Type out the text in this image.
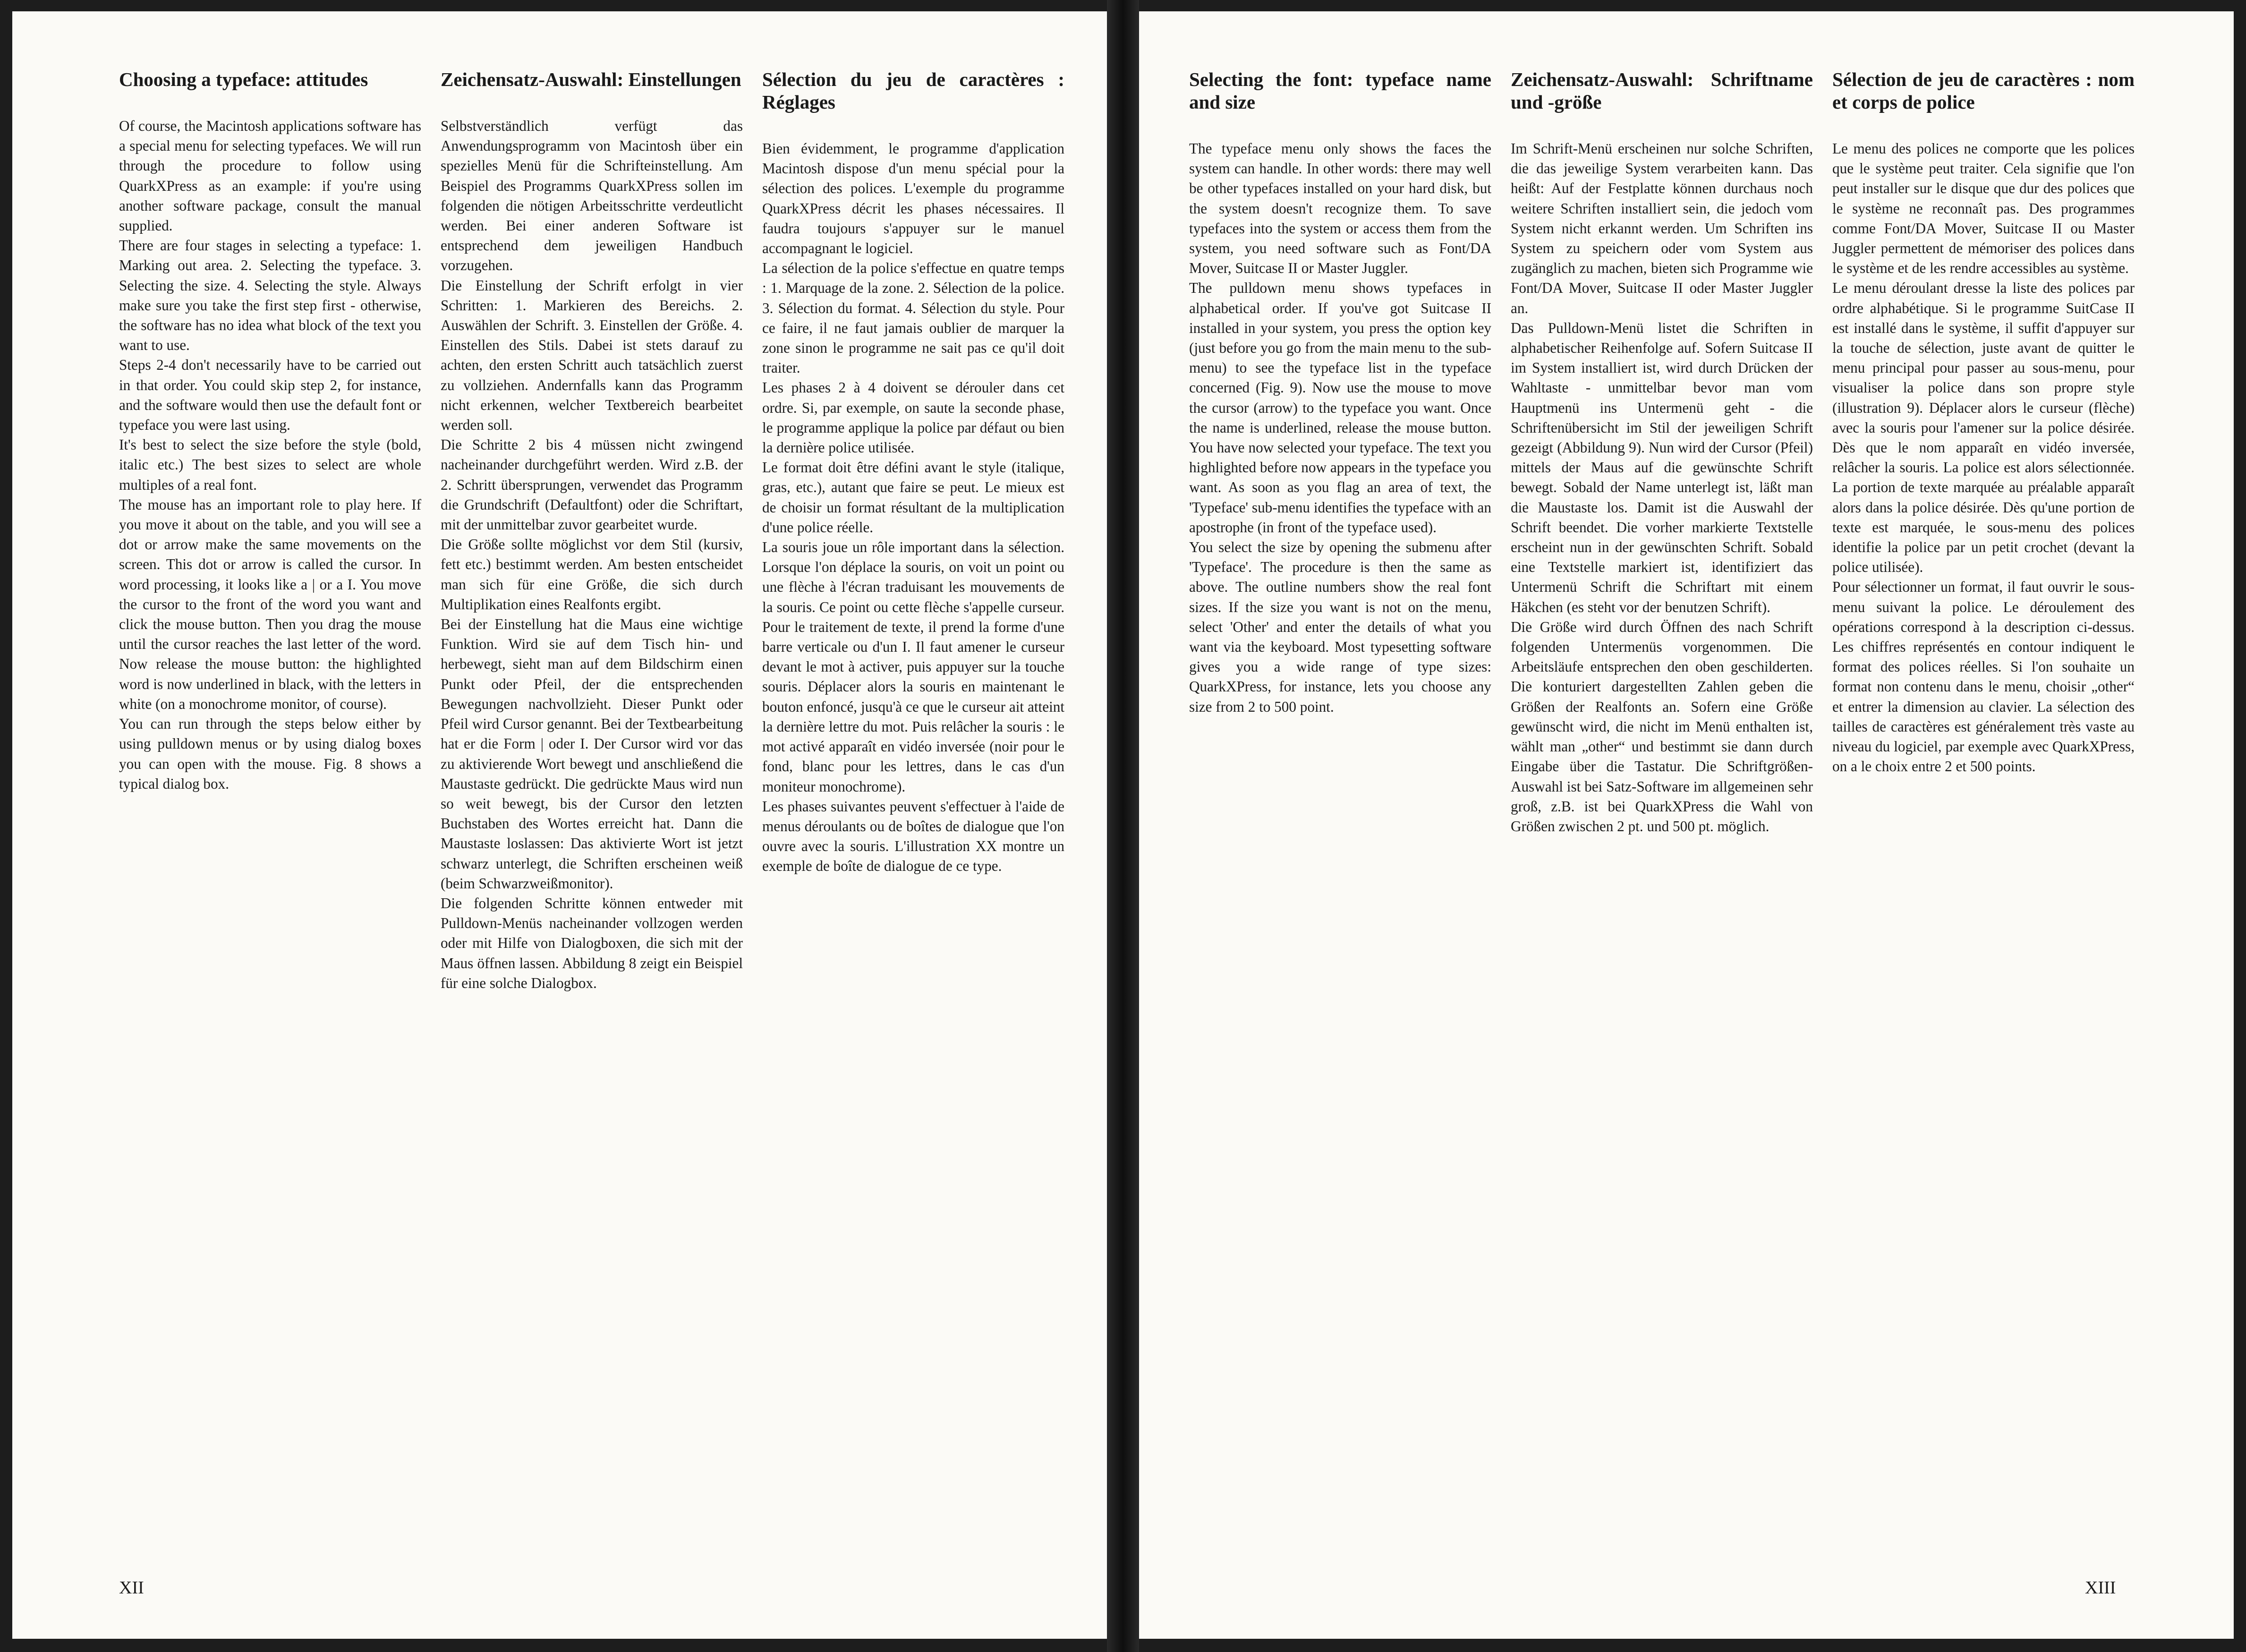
Choosing a typeface: attitudes

Of course, the Macintosh applications software has a special menu for selecting typefaces. We will run through the procedure to follow using QuarkXPress as an example: if you're using another software package, consult the manual supplied.

There are four stages in selecting a typeface: 1. Marking out area. 2. Selecting the typeface. 3. Selecting the size. 4. Selecting the style. Always make sure you take the first step first - otherwise, the software has no idea what block of the text you want to use.

Steps 2-4 don't necessarily have to be carried out in that order. You could skip step 2, for instance, and the software would then use the default font or typeface you were last using.

It's best to select the size before the style (bold, italic etc.) The best sizes to select are whole multiples of a real font.

The mouse has an important role to play here. If you move it about on the table, and you will see a dot or arrow make the same movements on the screen. This dot or arrow is called the cursor. In word processing, it looks like a | or a I. You move the cursor to the front of the word you want and click the mouse button. Then you drag the mouse until the cursor reaches the last letter of the word. Now release the mouse button: the highlighted word is now underlined in black, with the letters in white (on a monochrome monitor, of course).

You can run through the steps below either by using pulldown menus or by using dialog boxes you can open with the mouse. Fig. 8 shows a typical dialog box.

Zeichensatz-Auswahl: Einstellungen

Selbstverständlich verfügt das Anwendungsprogramm von Macintosh über ein spezielles Menü für die Schrifteinstellung. Am Beispiel des Programms QuarkXPress sollen im folgenden die nötigen Arbeitsschritte verdeutlicht werden. Bei einer anderen Software ist entsprechend dem jeweiligen Handbuch vorzugehen.

Die Einstellung der Schrift erfolgt in vier Schritten: 1. Markieren des Bereichs. 2. Auswählen der Schrift. 3. Einstellen der Größe. 4. Einstellen des Stils. Dabei ist stets darauf zu achten, den ersten Schritt auch tatsächlich zuerst zu vollziehen. Andernfalls kann das Programm nicht erkennen, welcher Textbereich bearbeitet werden soll.

Die Schritte 2 bis 4 müssen nicht zwingend nacheinander durchgeführt werden. Wird z.B. der 2. Schritt übersprungen, verwendet das Programm die Grundschrift (Defaultfont) oder die Schriftart, mit der unmittelbar zuvor gearbeitet wurde.

Die Größe sollte möglichst vor dem Stil (kursiv, fett etc.) bestimmt werden. Am besten entscheidet man sich für eine Größe, die sich durch Multiplikation eines Realfonts ergibt.

Bei der Einstellung hat die Maus eine wichtige Funktion. Wird sie auf dem Tisch hin- und herbewegt, sieht man auf dem Bildschirm einen Punkt oder Pfeil, der die entsprechenden Bewegungen nachvollzieht. Dieser Punkt oder Pfeil wird Cursor genannt. Bei der Textbearbeitung hat er die Form | oder I. Der Cursor wird vor das zu aktivierende Wort bewegt und anschließend die Maustaste gedrückt. Die gedrückte Maus wird nun so weit bewegt, bis der Cursor den letzten Buchstaben des Wortes erreicht hat. Dann die Maustaste loslassen: Das aktivierte Wort ist jetzt schwarz unterlegt, die Schriften erscheinen weiß (beim Schwarzweißmonitor).

Die folgenden Schritte können entweder mit Pulldown-Menüs nacheinander vollzogen werden oder mit Hilfe von Dialogboxen, die sich mit der Maus öffnen lassen. Abbildung 8 zeigt ein Beispiel für eine solche Dialogbox.

Sélection du jeu de caractères : Réglages

Bien évidemment, le programme d'application Macintosh dispose d'un menu spécial pour la sélection des polices. L'exemple du programme QuarkXPress décrit les phases nécessaires. Il faudra toujours s'appuyer sur le manuel accompagnant le logiciel.

La sélection de la police s'effectue en quatre temps : 1. Marquage de la zone. 2. Sélection de la police. 3. Sélection du format. 4. Sélection du style. Pour ce faire, il ne faut jamais oublier de marquer la zone sinon le programme ne sait pas ce qu'il doit traiter.

Les phases 2 à 4 doivent se dérouler dans cet ordre. Si, par exemple, on saute la seconde phase, le programme applique la police par défaut ou bien la dernière police utilisée.

Le format doit être défini avant le style (italique, gras, etc.), autant que faire se peut. Le mieux est de choisir un format résultant de la multiplication d'une police réelle.

La souris joue un rôle important dans la sélection. Lorsque l'on déplace la souris, on voit un point ou une flèche à l'écran traduisant les mouvements de la souris. Ce point ou cette flèche s'appelle curseur. Pour le traitement de texte, il prend la forme d'une barre verticale ou d'un I. Il faut amener le curseur devant le mot à activer, puis appuyer sur la touche souris. Déplacer alors la souris en maintenant le bouton enfoncé, jusqu'à ce que le curseur ait atteint la dernière lettre du mot. Puis relâcher la souris : le mot activé apparaît en vidéo inversée (noir pour le fond, blanc pour les lettres, dans le cas d'un moniteur monochrome).

Les phases suivantes peuvent s'effectuer à l'aide de menus déroulants ou de boîtes de dialogue que l'on ouvre avec la souris. L'illustration XX montre un exemple de boîte de dialogue de ce type.

XII
Selecting the font: typeface name and size

The typeface menu only shows the faces the system can handle. In other words: there may well be other typefaces installed on your hard disk, but the system doesn't recognize them. To save typefaces into the system or access them from the system, you need software such as Font/DA Mover, Suitcase II or Master Juggler.

The pulldown menu shows typefaces in alphabetical order. If you've got Suitcase II installed in your system, you press the option key (just before you go from the main menu to the sub-menu) to see the typeface list in the typeface concerned (Fig. 9). Now use the mouse to move the cursor (arrow) to the typeface you want. Once the name is underlined, release the mouse button. You have now selected your typeface. The text you highlighted before now appears in the typeface you want. As soon as you flag an area of text, the 'Typeface' sub-menu identifies the typeface with an apostrophe (in front of the typeface used).

You select the size by opening the submenu after 'Typeface'. The procedure is then the same as above. The outline numbers show the real font sizes. If the size you want is not on the menu, select 'Other' and enter the details of what you want via the keyboard. Most typesetting software gives you a wide range of type sizes: QuarkXPress, for instance, lets you choose any size from 2 to 500 point.

Zeichensatz-Auswahl: Schriftname und -größe

Im Schrift-Menü erscheinen nur solche Schriften, die das jeweilige System verarbeiten kann. Das heißt: Auf der Festplatte können durchaus noch weitere Schriften installiert sein, die jedoch vom System nicht erkannt werden. Um Schriften ins System zu speichern oder vom System aus zugänglich zu machen, bieten sich Programme wie Font/DA Mover, Suitcase II oder Master Juggler an.

Das Pulldown-Menü listet die Schriften in alphabetischer Reihenfolge auf. Sofern Suitcase II im System installiert ist, wird durch Drücken der Wahltaste - unmittelbar bevor man vom Hauptmenü ins Untermenü geht - die Schriftenübersicht im Stil der jeweiligen Schrift gezeigt (Abbildung 9). Nun wird der Cursor (Pfeil) mittels der Maus auf die gewünschte Schrift bewegt. Sobald der Name unterlegt ist, läßt man die Maustaste los. Damit ist die Auswahl der Schrift beendet. Die vorher markierte Textstelle erscheint nun in der gewünschten Schrift. Sobald eine Textstelle markiert ist, identifiziert das Untermenü Schrift die Schriftart mit einem Häkchen (es steht vor der benutzen Schrift).

Die Größe wird durch Öffnen des nach Schrift folgenden Untermenüs vorgenommen. Die Arbeitsläufe entsprechen den oben geschilderten. Die konturiert dargestellten Zahlen geben die Größen der Realfonts an. Sofern eine Größe gewünscht wird, die nicht im Menü enthalten ist, wählt man „other“ und bestimmt sie dann durch Eingabe über die Tastatur. Die Schriftgrößen-Auswahl ist bei Satz-Software im allgemeinen sehr groß, z.B. ist bei QuarkXPress die Wahl von Größen zwischen 2 pt. und 500 pt. möglich.

Sélection de jeu de caractères : nom et corps de police

Le menu des polices ne comporte que les polices que le système peut traiter. Cela signifie que l'on peut installer sur le disque que dur des polices que le système ne reconnaît pas. Des programmes comme Font/DA Mover, Suitcase II ou Master Juggler permettent de mémoriser des polices dans le système et de les rendre accessibles au système.

Le menu déroulant dresse la liste des polices par ordre alphabétique. Si le programme SuitCase II est installé dans le système, il suffit d'appuyer sur la touche de sélection, juste avant de quitter le menu principal pour passer au sous-menu, pour visualiser la police dans son propre style (illustration 9). Déplacer alors le curseur (flèche) avec la souris pour l'amener sur la police désirée. Dès que le nom apparaît en vidéo inversée, relâcher la souris. La police est alors sélectionnée. La portion de texte marquée au préalable apparaît alors dans la police désirée. Dès qu'une portion de texte est marquée, le sous-menu des polices identifie la police par un petit crochet (devant la police utilisée).

Pour sélectionner un format, il faut ouvrir le sous-menu suivant la police. Le déroulement des opérations correspond à la description ci-dessus. Les chiffres représentés en contour indiquent le format des polices réelles. Si l'on souhaite un format non contenu dans le menu, choisir „other“ et entrer la dimension au clavier. La sélection des tailles de caractères est généralement très vaste au niveau du logiciel, par exemple avec QuarkXPress, on a le choix entre 2 et 500 points.

XIII
